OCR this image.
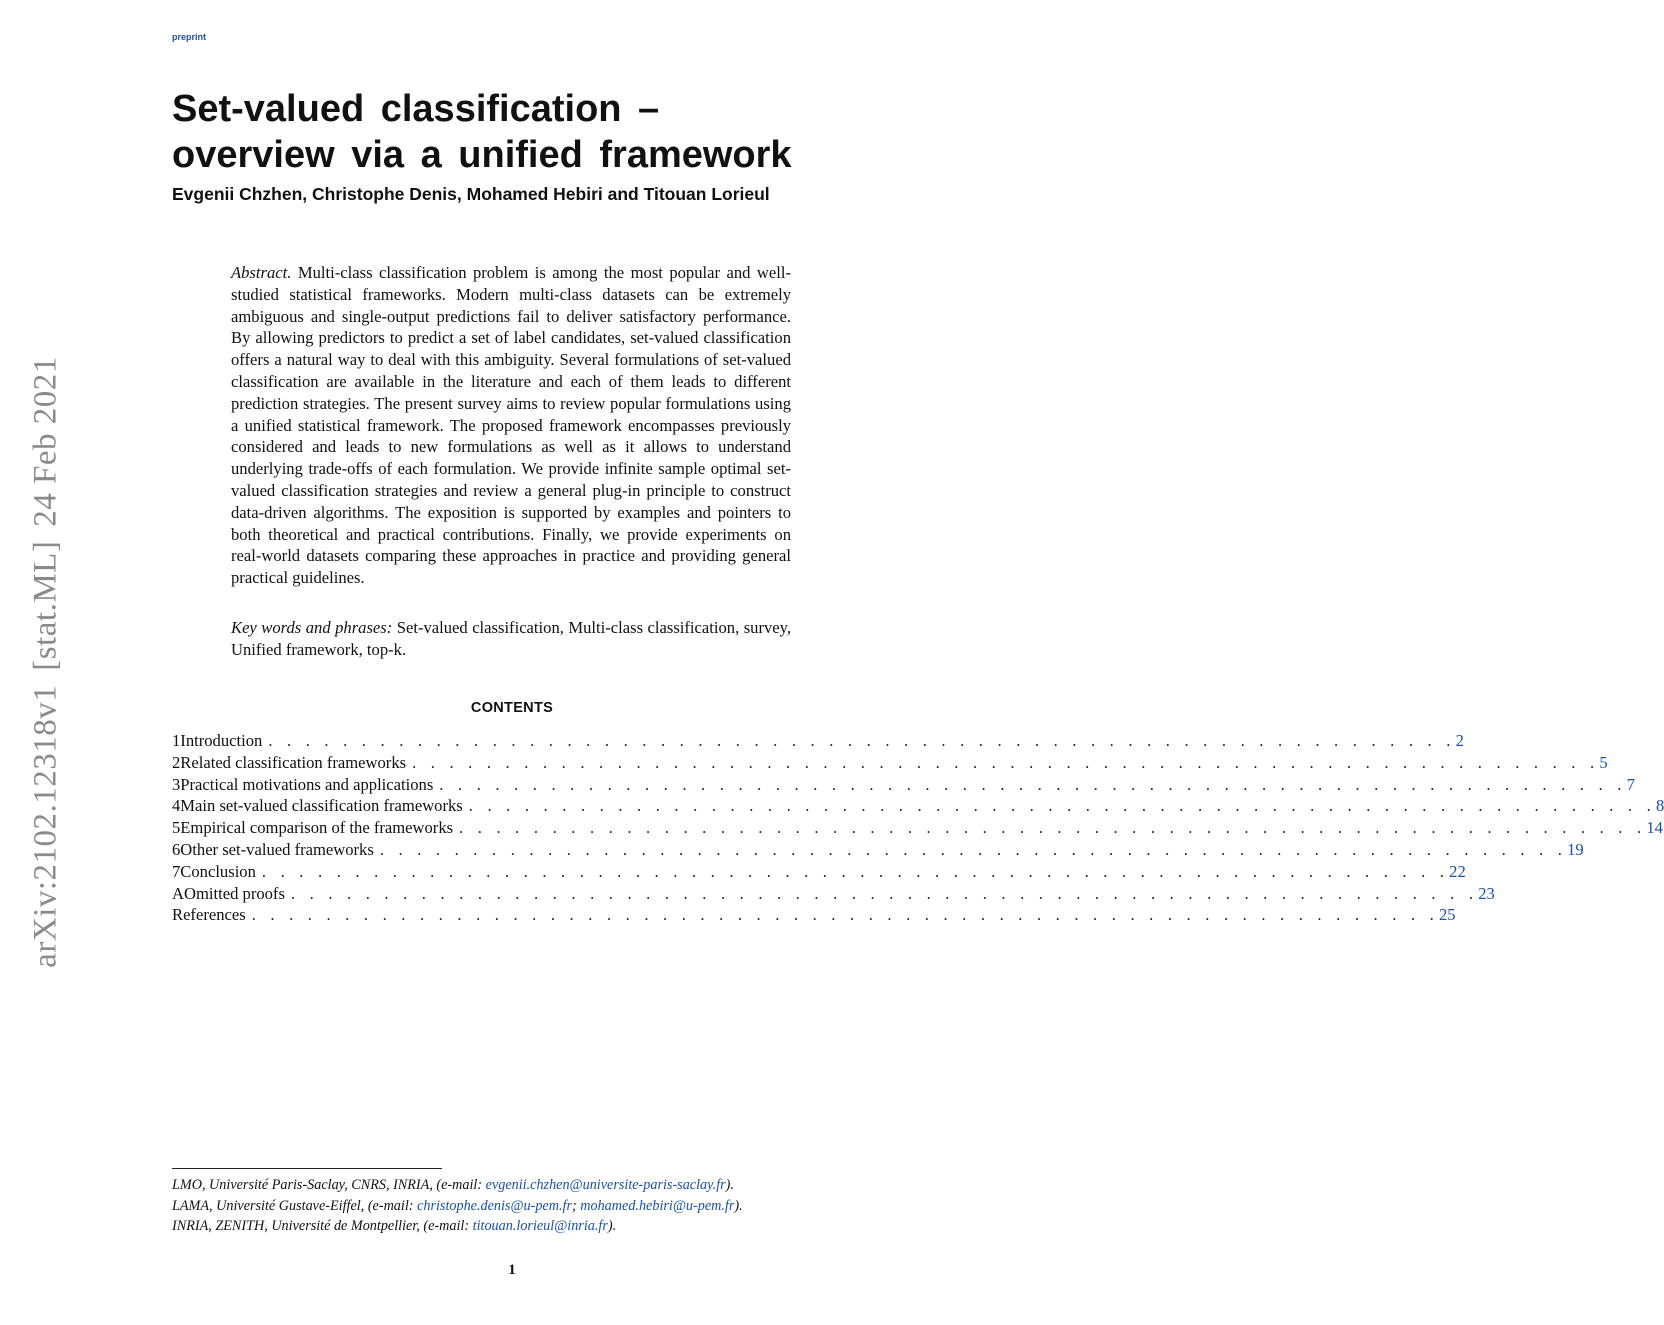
preprint
arXiv:2102.12318v1[stat.ML]24 Feb 2021
Set-valued classification –
overview via a unified framework
Evgenii Chzhen, Christophe Denis, Mohamed Hebiri and Titouan Lorieul

Abstract. Multi-class classification problem is among the most popular and well-studied statistical frameworks. Modern multi-class datasets can be extremely ambiguous and single-output predictions fail to deliver satisfactory performance. By allowing predictors to predict a set of label candidates, set-valued classification offers a natural way to deal with this ambiguity. Several formulations of set-valued classification are available in the literature and each of them leads to different prediction strategies. The present survey aims to review popular formulations using a unified statistical framework. The proposed framework encompasses previously considered and leads to new formulations as well as it allows to understand underlying trade-offs of each formulation. We provide infinite sample optimal set-valued classification strategies and review a general plug-in principle to construct data-driven algorithms. The exposition is supported by examples and pointers to both theoretical and practical contributions. Finally, we provide experiments on real-world datasets comparing these approaches in practice and providing general practical guidelines.

Key words and phrases: Set-valued classification, Multi-class classification, survey, Unified framework, top-k.

CONTENTS
1 Introduction . . . . . . . . . . . . . . . . . . . . . . . . . . . . . . . . . . . . . . . . . . . . . . . . . . . . . . . . . . . . . . . . 2
2 Related classification frameworks . . . . . . . . . . . . . . . . . . . . . . . . . . . . . . . . . . . . . . . . . . . . . . . . . . . . . . . . . . . . . . . . 5
3 Practical motivations and applications . . . . . . . . . . . . . . . . . . . . . . . . . . . . . . . . . . . . . . . . . . . . . . . . . . . . . . . . . . . . . . . . 7
4 Main set-valued classification frameworks . . . . . . . . . . . . . . . . . . . . . . . . . . . . . . . . . . . . . . . . . . . . . . . . . . . . . . . . . . . . . . . . 8
5 Empirical comparison of the frameworks . . . . . . . . . . . . . . . . . . . . . . . . . . . . . . . . . . . . . . . . . . . . . . . . . . . . . . . . . . . . . . . . 14
6 Other set-valued frameworks . . . . . . . . . . . . . . . . . . . . . . . . . . . . . . . . . . . . . . . . . . . . . . . . . . . . . . . . . . . . . . . . 19
7 Conclusion . . . . . . . . . . . . . . . . . . . . . . . . . . . . . . . . . . . . . . . . . . . . . . . . . . . . . . . . . . . . . . . . 22
A Omitted proofs . . . . . . . . . . . . . . . . . . . . . . . . . . . . . . . . . . . . . . . . . . . . . . . . . . . . . . . . . . . . . . . . 23
References . . . . . . . . . . . . . . . . . . . . . . . . . . . . . . . . . . . . . . . . . . . . . . . . . . . . . . . . . . . . . . . . 25
LMO, Université Paris-Saclay, CNRS, INRIA, (e-mail: evgenii.chzhen@universite-paris-saclay.fr).
LAMA, Université Gustave-Eiffel, (e-mail: christophe.denis@u-pem.fr; mohamed.hebiri@u-pem.fr).
INRIA, ZENITH, Université de Montpellier, (e-mail: titouan.lorieul@inria.fr).
1
